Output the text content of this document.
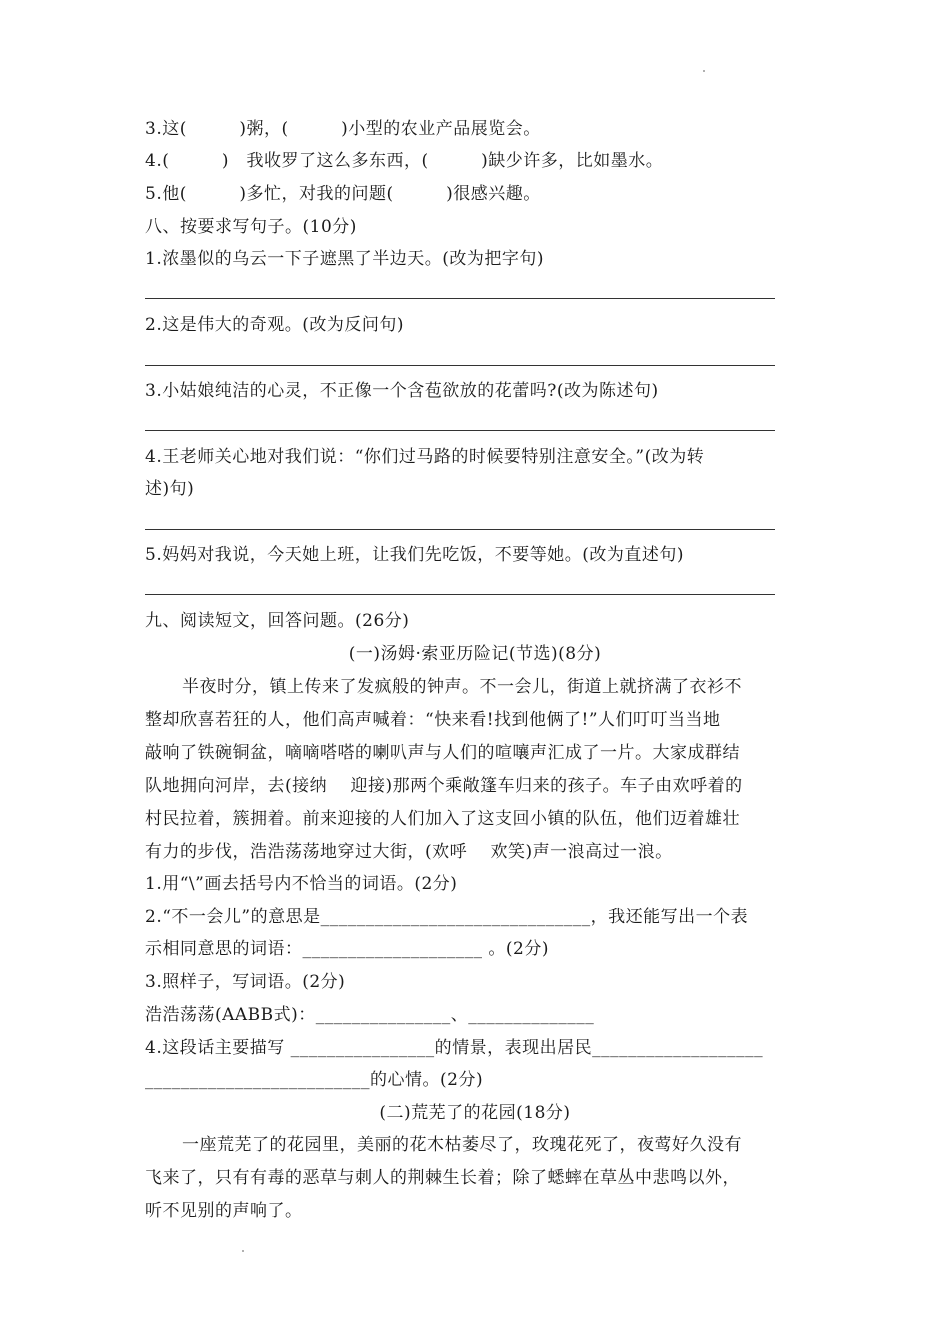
3.这(　　　)粥，(　　　)小型的农业产品展览会。
4.(　　　)　我收罗了这么多东西，(　　　)缺少许多，比如墨水。
5.他(　　　)多忙，对我的问题(　　　)很感兴趣。
八、按要求写句子。(10分)
1.浓墨似的乌云一下子遮黑了半边天。(改为把字句)
2.这是伟大的奇观。(改为反问句)
3.小姑娘纯洁的心灵，不正像一个含苞欲放的花蕾吗?(改为陈述句)
4.王老师关心地对我们说：“你们过马路的时候要特别注意安全。”(改为转
述)句)
5.妈妈对我说，今天她上班，让我们先吃饭，不要等她。(改为直述句)
九、阅读短文，回答问题。(26分)
(一)汤姆·索亚历险记(节选)(8分)
半夜时分，镇上传来了发疯般的钟声。不一会儿，街道上就挤满了衣衫不
整却欣喜若狂的人，他们高声喊着：“快来看!找到他俩了!”人们叮叮当当地
敲响了铁碗铜盆，嘀嘀嗒嗒的喇叭声与人们的喧嚷声汇成了一片。大家成群结
队地拥向河岸，去(接纳　 迎接)那两个乘敞篷车归来的孩子。车子由欢呼着的
村民拉着，簇拥着。前来迎接的人们加入了这支回小镇的队伍，他们迈着雄壮
有力的步伐，浩浩荡荡地穿过大街，(欢呼　 欢笑)声一浪高过一浪。
1.用“\”画去括号内不恰当的词语。(2分)
2.“不一会儿”的意思是______________________________，我还能写出一个表
示相同意思的词语：____________________ 。(2分)
3.照样子，写词语。(2分)
浩浩荡荡(AABB式)：_______________、______________
4.这段话主要描写 ________________的情景，表现出居民___________________
_________________________的心情。(2分)
(二)荒芜了的花园(18分)
一座荒芜了的花园里，美丽的花木枯萎尽了，玫瑰花死了，夜莺好久没有
飞来了，只有有毒的恶草与刺人的荆棘生长着；除了蟋蟀在草丛中悲鸣以外，
听不见别的声响了。
